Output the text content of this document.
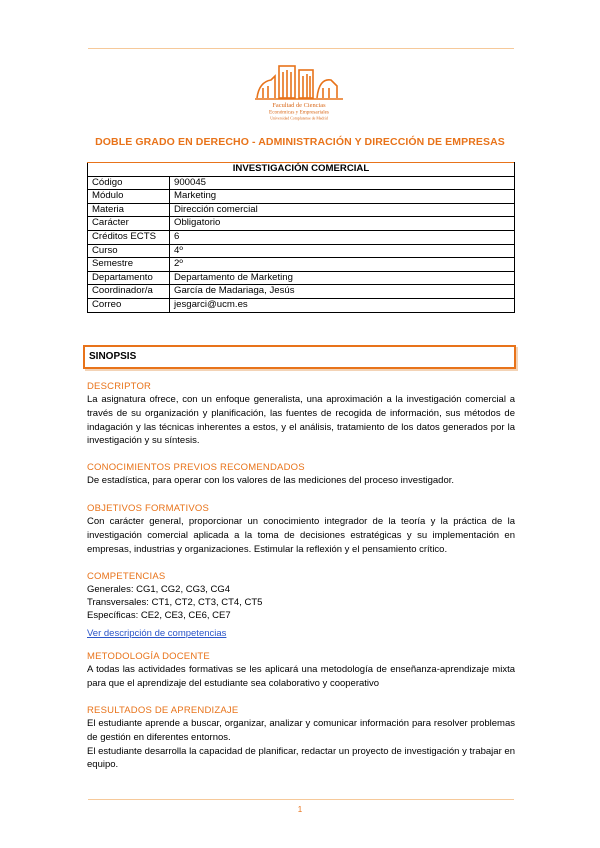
Facultad de Ciencias
Económicas y Empresariales
Universidad Complutense de Madrid
DOBLE GRADO EN DERECHO - ADMINISTRACIÓN Y DIRECCIÓN DE EMPRESAS
INVESTIGACIÓN COMERCIAL	
Código	900045
Módulo	Marketing
Materia	Dirección comercial
Carácter	Obligatorio
Créditos ECTS	6
Curso	4º
Semestre	2º
Departamento	Departamento de Marketing
Coordinador/a	García de Madariaga, Jesús
Correo	jesgarci@ucm.es
SINOPSIS
DESCRIPTOR

La asignatura ofrece, con un enfoque generalista, una aproximación a la investigación comercial a través de su organización y planificación, las fuentes de recogida de información, sus métodos de indagación y las técnicas inherentes a estos, y el análisis, tratamiento de los datos generados por la investigación y su síntesis.

CONOCIMIENTOS PREVIOS RECOMENDADOS

De estadística, para operar con los valores de las mediciones del proceso investigador.

OBJETIVOS FORMATIVOS

Con carácter general, proporcionar un conocimiento integrador de la teoría y la práctica de la investigación comercial aplicada a la toma de decisiones estratégicas y su implementación en empresas, industrias y organizaciones. Estimular la reflexión y el pensamiento crítico.

COMPETENCIAS
Generales: CG1, CG2, CG3, CG4
Transversales: CT1, CT2, CT3, CT4, CT5
Específicas: CE2, CE3, CE6, CE7
Ver descripción de competencias
METODOLOGÍA DOCENTE

A todas las actividades formativas se les aplicará una metodología de enseñanza-aprendizaje mixta para que el aprendizaje del estudiante sea colaborativo y cooperativo

RESULTADOS DE APRENDIZAJE

El estudiante aprende a buscar, organizar, analizar y comunicar información para resolver problemas de gestión en diferentes entornos.

El estudiante desarrolla la capacidad de planificar, redactar un proyecto de investigación y trabajar en equipo.

1
